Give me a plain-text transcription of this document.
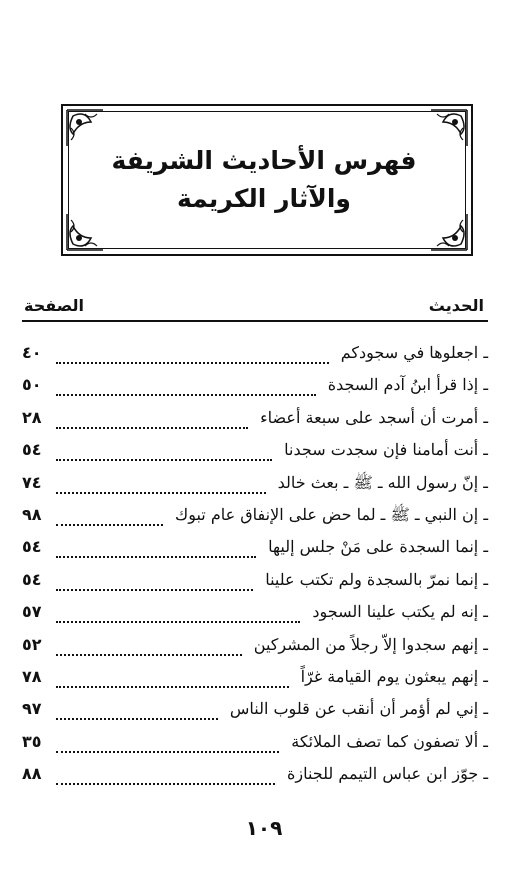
فهرس الأحاديث الشريفة
والآثار الكريمة
الحديث
الصفحة
ـ اجعلوها في سجودكم
٤٠
ـ إذا قرأ ابنُ آدم السجدة
٥٠
ـ أمرت أن أسجد على سبعة أعضاء
٢٨
ـ أنت أمامنا فإن سجدت سجدنا
٥٤
ـ إنّ رسول الله ـ ﷺ ـ بعث خالد
٧٤
ـ إن النبي ـ ﷺ ـ لما حض على الإنفاق عام تبوك
٩٨
ـ إنما السجدة على مَنْ جلس إليها
٥٤
ـ إنما نمرّ بالسجدة ولم تكتب علينا
٥٤
ـ إنه لم يكتب علينا السجود
٥٧
ـ إنهم سجدوا إلاّ رجلاً من المشركين
٥٢
ـ إنهم يبعثون يوم القيامة غرّاً
٧٨
ـ إني لم أؤمر أن أنقب عن قلوب الناس
٩٧
ـ ألا تصفون كما تصف الملائكة
٣٥
ـ جوّز ابن عباس التيمم للجنازة
٨٨
١٠٩
